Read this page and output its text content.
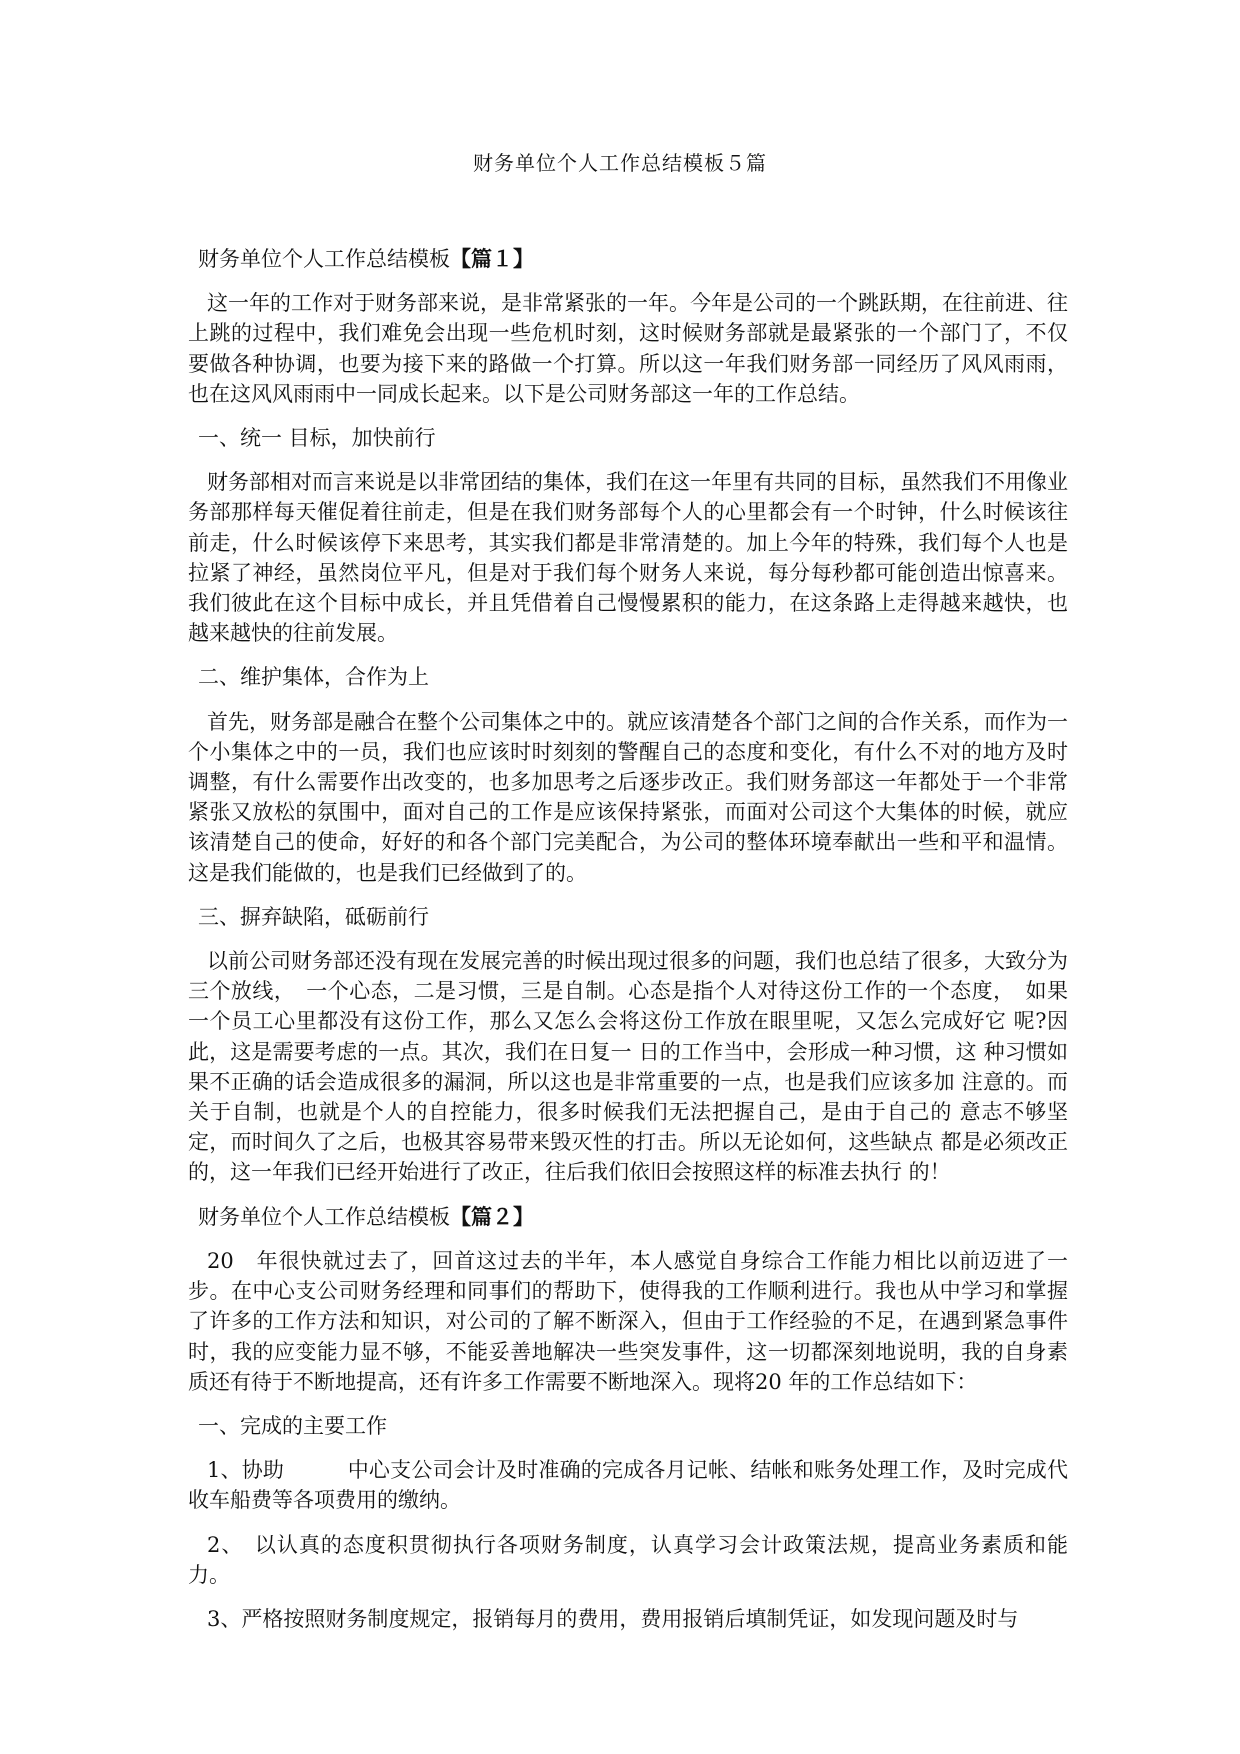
财务单位个人工作总结模板５篇

财务单位个人工作总结模板【篇１】

这一年的工作对于财务部来说，是非常紧张的一年。今年是公司的一个跳跃期，在往前进、往上跳的过程中，我们难免会出现一些危机时刻，这时候财务部就是最紧张的一个部门了，不仅要做各种协调，也要为接下来的路做一个打算。所以这一年我们财务部一同经历了风风雨雨，也在这风风雨雨中一同成长起来。以下是公司财务部这一年的工作总结。

一、统一 目标，加快前行

财务部相对而言来说是以非常团结的集体，我们在这一年里有共同的目标，虽然我们不用像业务部那样每天催促着往前走，但是在我们财务部每个人的心里都会有一个时钟，什么时候该往前走，什么时候该停下来思考，其实我们都是非常清楚的。加上今年的特殊，我们每个人也是拉紧了神经，虽然岗位平凡，但是对于我们每个财务人来说，每分每秒都可能创造出惊喜来。我们彼此在这个目标中成长，并且凭借着自己慢慢累积的能力，在这条路上走得越来越快，也越来越快的往前发展。

二、维护集体，合作为上

首先，财务部是融合在整个公司集体之中的。就应该清楚各个部门之间的合作关系，而作为一个小集体之中的一员，我们也应该时时刻刻的警醒自己的态度和变化，有什么不对的地方及时调整，有什么需要作出改变的，也多加思考之后逐步改正。我们财务部这一年都处于一个非常紧张又放松的氛围中，面对自己的工作是应该保持紧张，而面对公司这个大集体的时候，就应该清楚自己的使命，好好的和各个部门完美配合，为公司的整体环境奉献出一些和平和温情。这是我们能做的，也是我们已经做到了的。

三、摒弃缺陷，砥砺前行

以前公司财务部还没有现在发展完善的时候出现过很多的问题，我们也总结了很多，大致分为三个放线，　一个心态，二是习惯，三是自制。心态是指个人对待这份工作的一个态度，　如果一个员工心里都没有这份工作，那么又怎么会将这份工作放在眼里呢，又怎么完成好它 呢?因此，这是需要考虑的一点。其次，我们在日复一 日的工作当中，会形成一种习惯，这 种习惯如果不正确的话会造成很多的漏洞，所以这也是非常重要的一点，也是我们应该多加 注意的。而关于自制，也就是个人的自控能力，很多时候我们无法把握自己，是由于自己的 意志不够坚定，而时间久了之后，也极其容易带来毁灭性的打击。所以无论如何，这些缺点 都是必须改正的，这一年我们已经开始进行了改正，往后我们依旧会按照这样的标准去执行 的！

财务单位个人工作总结模板【篇２】

20　年很快就过去了，回首这过去的半年，本人感觉自身综合工作能力相比以前迈进了一步。在中心支公司财务经理和同事们的帮助下，使得我的工作顺利进行。我也从中学习和掌握了许多的工作方法和知识，对公司的了解不断深入，但由于工作经验的不足，在遇到紧急事件时，我的应变能力显不够，不能妥善地解决一些突发事件，这一切都深刻地说明，我的自身素质还有待于不断地提高，还有许多工作需要不断地深入。现将20 年的工作总结如下：

一、完成的主要工作

1、协助　　　中心支公司会计及时准确的完成各月记帐、结帐和账务处理工作，及时完成代 收车船费等各项费用的缴纳。

2、　以认真的态度积贯彻执行各项财务制度，认真学习会计政策法规，提高业务素质和能 力。

3、严格按照财务制度规定，报销每月的费用，费用报销后填制凭证，如发现问题及时与
